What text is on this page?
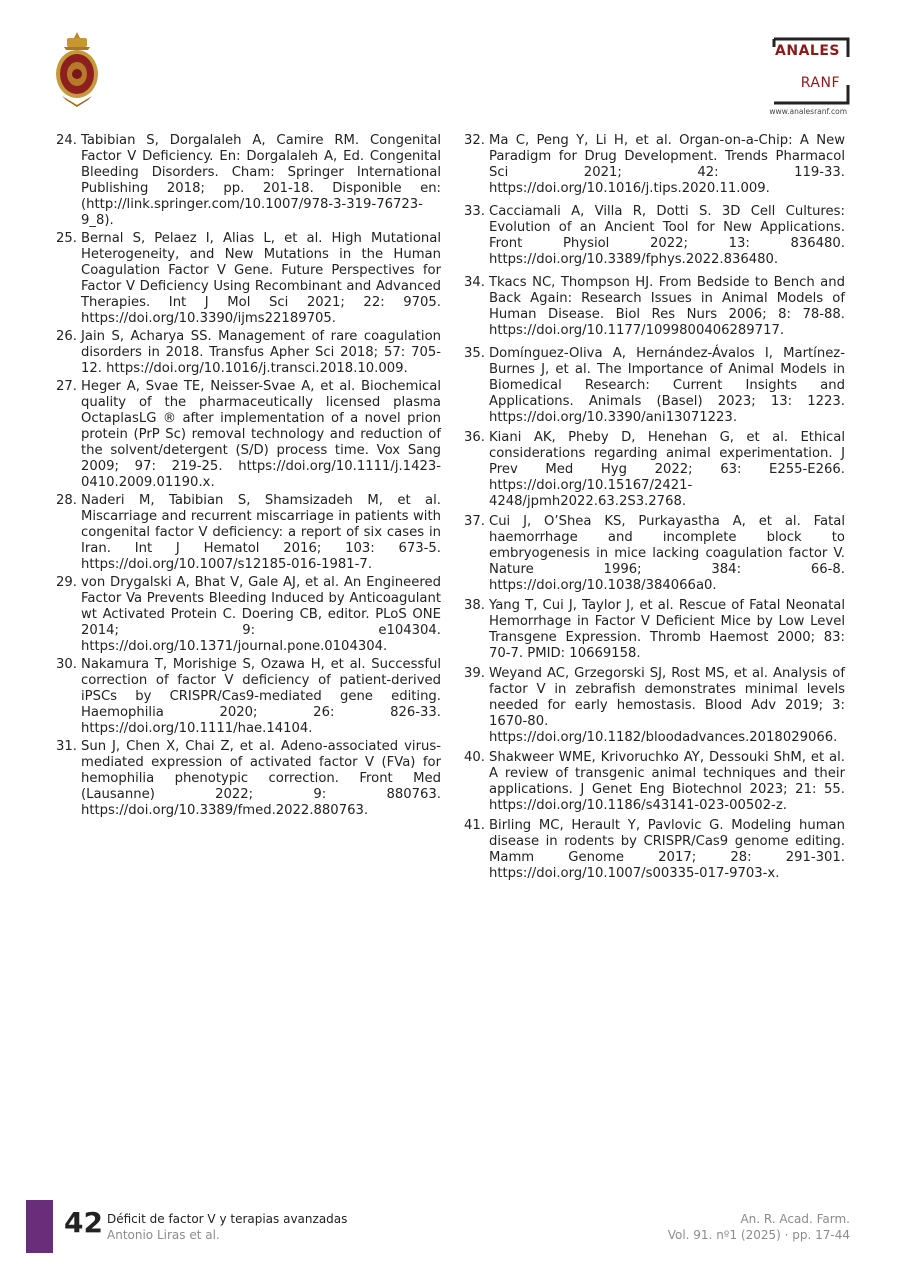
ANALES
RANF
www.analesranf.com
24. Tabibian S, Dorgalaleh A, Camire RM. Congenital Factor V Deficiency. En: Dorgalaleh A, Ed. Congenital Bleeding Disorders. Cham: Springer International Publishing 2018; pp. 201-18. Disponible en: (http://link.springer.com/10.1007/978-3-319-76723-9_8).
25. Bernal S, Pelaez I, Alias L, et al. High Mutational Heterogeneity, and New Mutations in the Human Coagulation Factor V Gene. Future Perspectives for Factor V Deficiency Using Recombinant and Advanced Therapies. Int J Mol Sci 2021; 22: 9705. https://doi.org/10.3390/ijms22189705.
26. Jain S, Acharya SS. Management of rare coagulation disorders in 2018. Transfus Apher Sci 2018; 57: 705-12. https://doi.org/10.1016/j.transci.2018.10.009.
27. Heger A, Svae TE, Neisser-Svae A, et al. Biochemical quality of the pharmaceutically licensed plasma OctaplasLG ® after implementation of a novel prion protein (PrP Sc) removal technology and reduction of the solvent/detergent (S/D) process time. Vox Sang 2009; 97: 219-25. https://doi.org/10.1111/j.1423-0410.2009.01190.x.
28. Naderi M, Tabibian S, Shamsizadeh M, et al. Miscarriage and recurrent miscarriage in patients with congenital factor V deficiency: a report of six cases in Iran. Int J Hematol 2016; 103: 673-5. https://doi.org/10.1007/s12185-016-1981-7.
29. von Drygalski A, Bhat V, Gale AJ, et al. An Engineered Factor Va Prevents Bleeding Induced by Anticoagulant wt Activated Protein C. Doering CB, editor. PLoS ONE 2014; 9: e104304. https://doi.org/10.1371/journal.pone.0104304.
30. Nakamura T, Morishige S, Ozawa H, et al. Successful correction of factor V deficiency of patient-derived iPSCs by CRISPR/Cas9-mediated gene editing. Haemophilia 2020; 26: 826-33. https://doi.org/10.1111/hae.14104.
31. Sun J, Chen X, Chai Z, et al. Adeno-associated virus-mediated expression of activated factor V (FVa) for hemophilia phenotypic correction. Front Med (Lausanne) 2022; 9: 880763. https://doi.org/10.3389/fmed.2022.880763.
32. Ma C, Peng Y, Li H, et al. Organ-on-a-Chip: A New Paradigm for Drug Development. Trends Pharmacol Sci 2021; 42: 119-33. https://doi.org/10.1016/j.tips.2020.11.009.
33. Cacciamali A, Villa R, Dotti S. 3D Cell Cultures: Evolution of an Ancient Tool for New Applications. Front Physiol 2022; 13: 836480. https://doi.org/10.3389/fphys.2022.836480.
34. Tkacs NC, Thompson HJ. From Bedside to Bench and Back Again: Research Issues in Animal Models of Human Disease. Biol Res Nurs 2006; 8: 78-88. https://doi.org/10.1177/1099800406289717.
35. Domínguez-Oliva A, Hernández-Ávalos I, Martínez-Burnes J, et al. The Importance of Animal Models in Biomedical Research: Current Insights and Applications. Animals (Basel) 2023; 13: 1223. https://doi.org/10.3390/ani13071223.
36. Kiani AK, Pheby D, Henehan G, et al. Ethical considerations regarding animal experimentation. J Prev Med Hyg 2022; 63: E255-E266. https://doi.org/10.15167/2421-4248/jpmh2022.63.2S3.2768.
37. Cui J, O’Shea KS, Purkayastha A, et al. Fatal haemorrhage and incomplete block to embryogenesis in mice lacking coagulation factor V. Nature 1996; 384: 66-8. https://doi.org/10.1038/384066a0.
38. Yang T, Cui J, Taylor J, et al. Rescue of Fatal Neonatal Hemorrhage in Factor V Deficient Mice by Low Level Transgene Expression. Thromb Haemost 2000; 83: 70-7. PMID: 10669158.
39. Weyand AC, Grzegorski SJ, Rost MS, et al. Analysis of factor V in zebrafish demonstrates minimal levels needed for early hemostasis. Blood Adv 2019; 3: 1670-80. https://doi.org/10.1182/bloodadvances.2018029066.
40. Shakweer WME, Krivoruchko AY, Dessouki ShM, et al. A review of transgenic animal techniques and their applications. J Genet Eng Biotechnol 2023; 21: 55. https://doi.org/10.1186/s43141-023-00502-z.
41. Birling MC, Herault Y, Pavlovic G. Modeling human disease in rodents by CRISPR/Cas9 genome editing. Mamm Genome 2017; 28: 291-301. https://doi.org/10.1007/s00335-017-9703-x.
42 Déficit de factor V y terapias avanzadas
Antonio Liras et al.
An. R. Acad. Farm.
Vol. 91. nº1 (2025) · pp. 17-44
